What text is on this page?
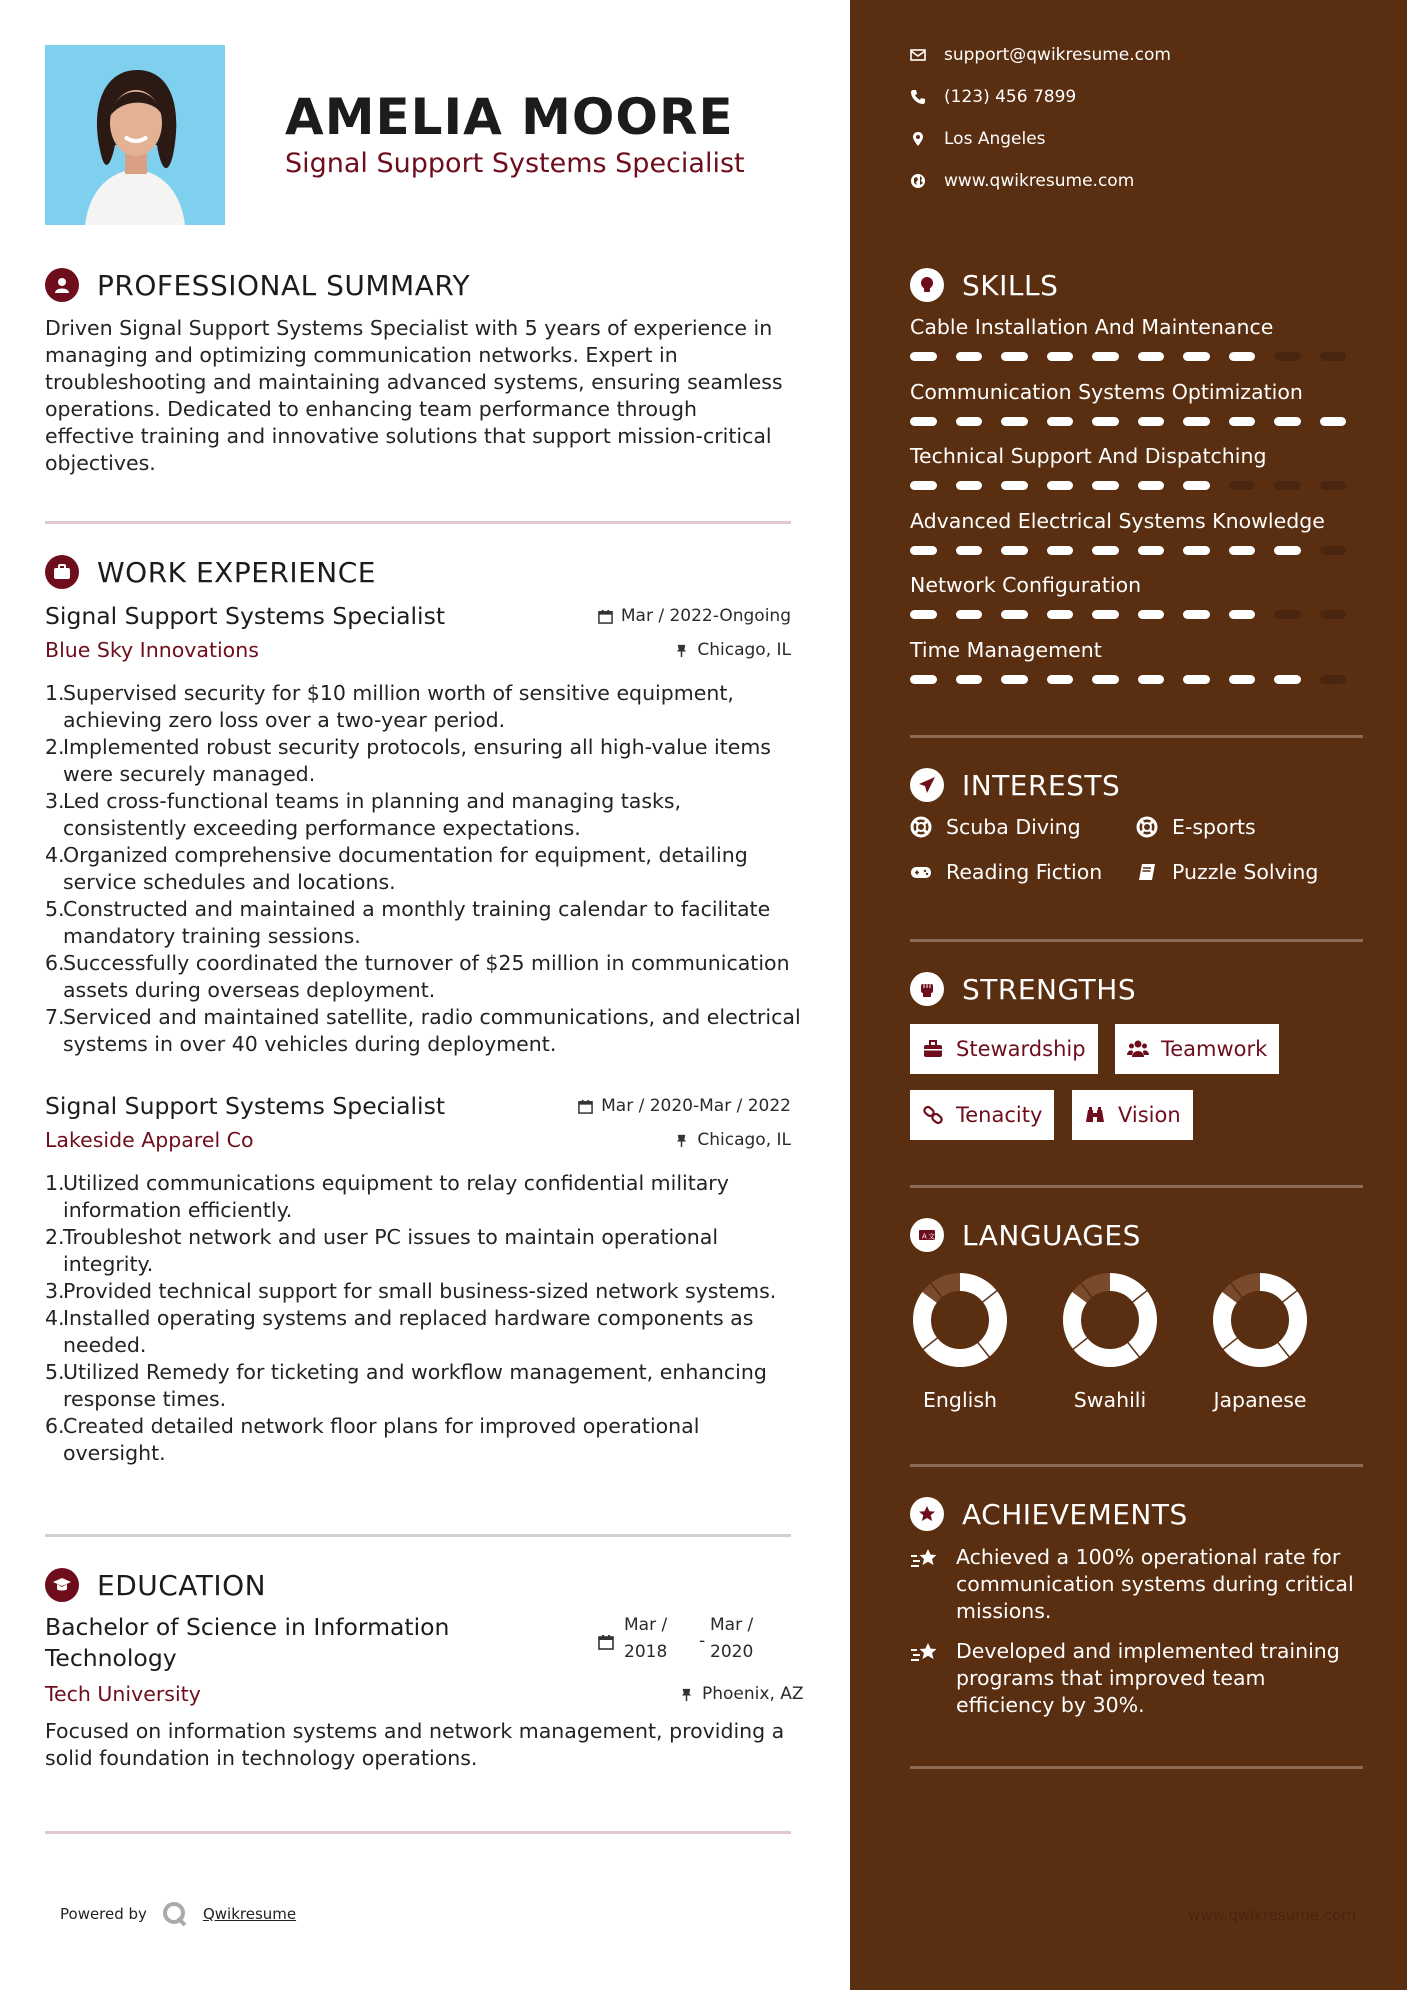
AMELIA MOORE
Signal Support Systems Specialist
PROFESSIONAL SUMMARY
Driven Signal Support Systems Specialist with 5 years of experience in managing and optimizing communication networks. Expert in troubleshooting and maintaining advanced systems, ensuring seamless operations. Dedicated to enhancing team performance through effective training and innovative solutions that support mission-critical objectives.
WORK EXPERIENCE
Signal Support Systems Specialist	Mar / 2022-Ongoing
Blue Sky Innovations	Chicago, IL
1.
Supervised security for $10 million worth of sensitive equipment, achieving zero loss over a two-year period.
2.
Implemented robust security protocols, ensuring all high-value items were securely managed.
3.
Led cross-functional teams in planning and managing tasks, consistently exceeding performance expectations.
4.
Organized comprehensive documentation for equipment, detailing service schedules and locations.
5.
Constructed and maintained a monthly training calendar to facilitate mandatory training sessions.
6.
Successfully coordinated the turnover of $25 million in communication assets during overseas deployment.
7.
Serviced and maintained satellite, radio communications, and electrical systems in over 40 vehicles during deployment.
Signal Support Systems Specialist	Mar / 2020-Mar / 2022
Lakeside Apparel Co	Chicago, IL
1.
Utilized communications equipment to relay confidential military information efficiently.
2.
Troubleshot network and user PC issues to maintain operational integrity.
3.
Provided technical support for small business-sized network systems.
4.
Installed operating systems and replaced hardware components as needed.
5.
Utilized Remedy for ticketing and workflow management, enhancing response times.
6.
Created detailed network floor plans for improved operational oversight.
EDUCATION
Bachelor of Science in Information Technology
Mar /
2018
-
Mar /
2020
Tech University	Phoenix, AZ
Focused on information systems and network management, providing a solid foundation in technology operations.
Powered by	Qwikresume	www.qwikresume.com
support@qwikresume.com
(123) 456 7899
Los Angeles
www.qwikresume.com
SKILLS
Cable Installation And Maintenance
Communication Systems Optimization
Technical Support And Dispatching
Advanced Electrical Systems Knowledge
Network Configuration
Time Management
INTERESTS
Scuba Diving	E-sports
Reading Fiction	Puzzle Solving
STRENGTHS
Stewardship	Teamwork
Tenacity	Vision
A 文 LANGUAGES
English	Swahili	Japanese
ACHIEVEMENTS
Achieved a 100% operational rate for communication systems during critical missions.
Developed and implemented training programs that improved team efficiency by 30%.
